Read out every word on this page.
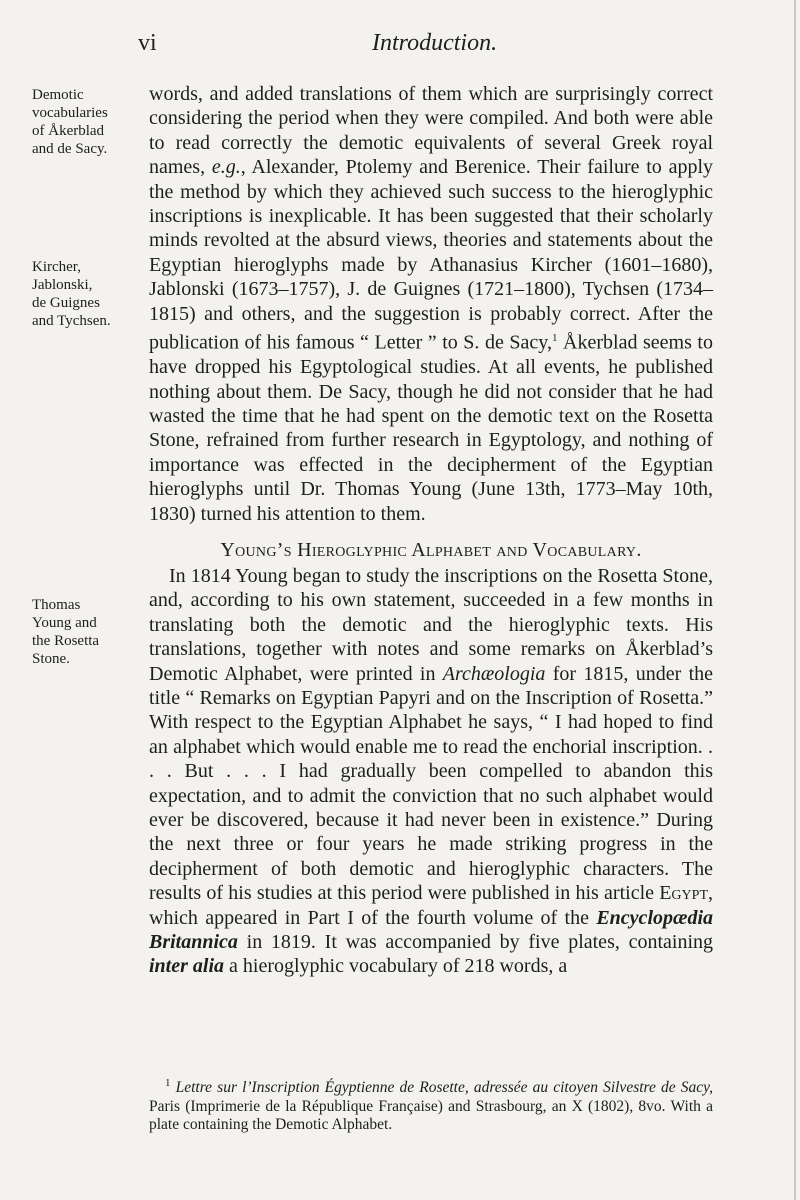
vi	Introduction.
Demotic
vocabularies
of Åkerblad
and de Sacy.
Kircher,
Jablonski,
de Guignes
and Tychsen.
Thomas
Young and
the Rosetta
Stone.

words, and added translations of them which are surprisingly correct considering the period when they were compiled. And both were able to read correctly the demotic equivalents of several Greek royal names, e.g., Alexander, Ptolemy and Berenice. Their failure to apply the method by which they achieved such success to the hieroglyphic inscriptions is inexplicable. It has been suggested that their scholarly minds revolted at the absurd views, theories and statements about the Egyptian hieroglyphs made by Athanasius Kircher (1601–1680), Jablonski (1673–1757), J. de Guignes (1721–1800), Tychsen (1734–1815) and others, and the suggestion is probably correct. After the publication of his famous “ Letter ” to S. de Sacy,$^1$ Åkerblad seems to have dropped his Egyptological studies. At all events, he published nothing about them. De Sacy, though he did not consider that he had wasted the time that he had spent on the demotic text on the Rosetta Stone, refrained from further research in Egyptology, and nothing of importance was effected in the decipherment of the Egyptian hieroglyphs until Dr. Thomas Young (June 13th, 1773–May 10th, 1830) turned his attention to them.

Young’s Hieroglyphic Alphabet and Vocabulary.

In 1814 Young began to study the inscriptions on the Rosetta Stone, and, according to his own statement, succeeded in a few months in translating both the demotic and the hieroglyphic texts. His translations, together with notes and some remarks on Åkerblad’s Demotic Alphabet, were printed in Archæologia for 1815, under the title “ Remarks on Egyptian Papyri and on the Inscription of Rosetta.” With respect to the Egyptian Alphabet he says, “ I had hoped to find an alphabet which would enable me to read the enchorial inscription. . . . But . . . I had gradually been compelled to abandon this expectation, and to admit the conviction that no such alphabet would ever be discovered, because it had never been in existence.” During the next three or four years he made striking progress in the decipherment of both demotic and hieroglyphic characters. The results of his studies at this period were published in his article Egypt, which appeared in Part I of the fourth volume of the Encyclopædia Britannica in 1819. It was accompanied by five plates, containing inter alia a hieroglyphic vocabulary of 218 words, a

$^1$ Lettre sur l’Inscription Égyptienne de Rosette, adressée au citoyen Silvestre de Sacy, Paris (Imprimerie de la République Française) and Strasbourg, an X (1802), 8vo. With a plate containing the Demotic Alphabet.
